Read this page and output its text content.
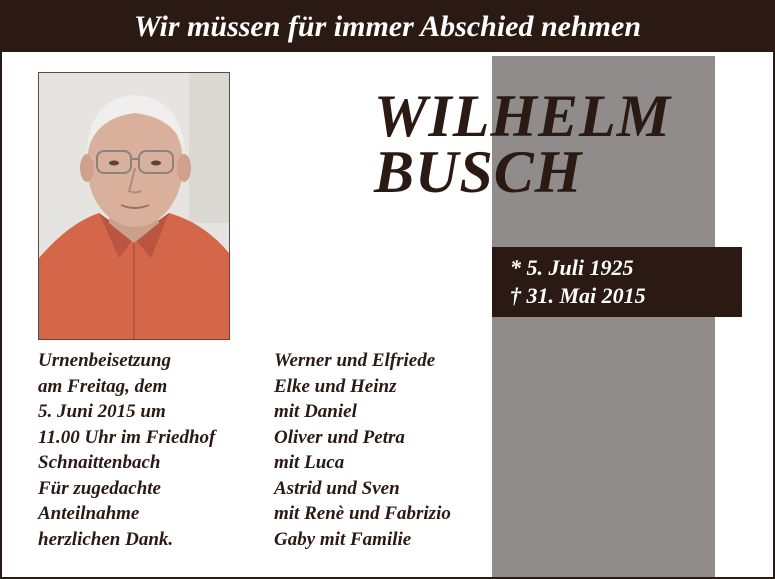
Wir müssen für immer Abschied nehmen
WILHELM
BUSCH
* 5. Juli 1925
† 31. Mai 2015
Urnenbeisetzung
am Freitag, dem
5. Juni 2015 um
11.00 Uhr im Friedhof
Schnaittenbach
Für zugedachte
Anteilnahme
herzlichen Dank.
Werner und Elfriede
Elke und Heinz
mit Daniel
Oliver und Petra
mit Luca
Astrid und Sven
mit Renè und Fabrizio
Gaby mit Familie
